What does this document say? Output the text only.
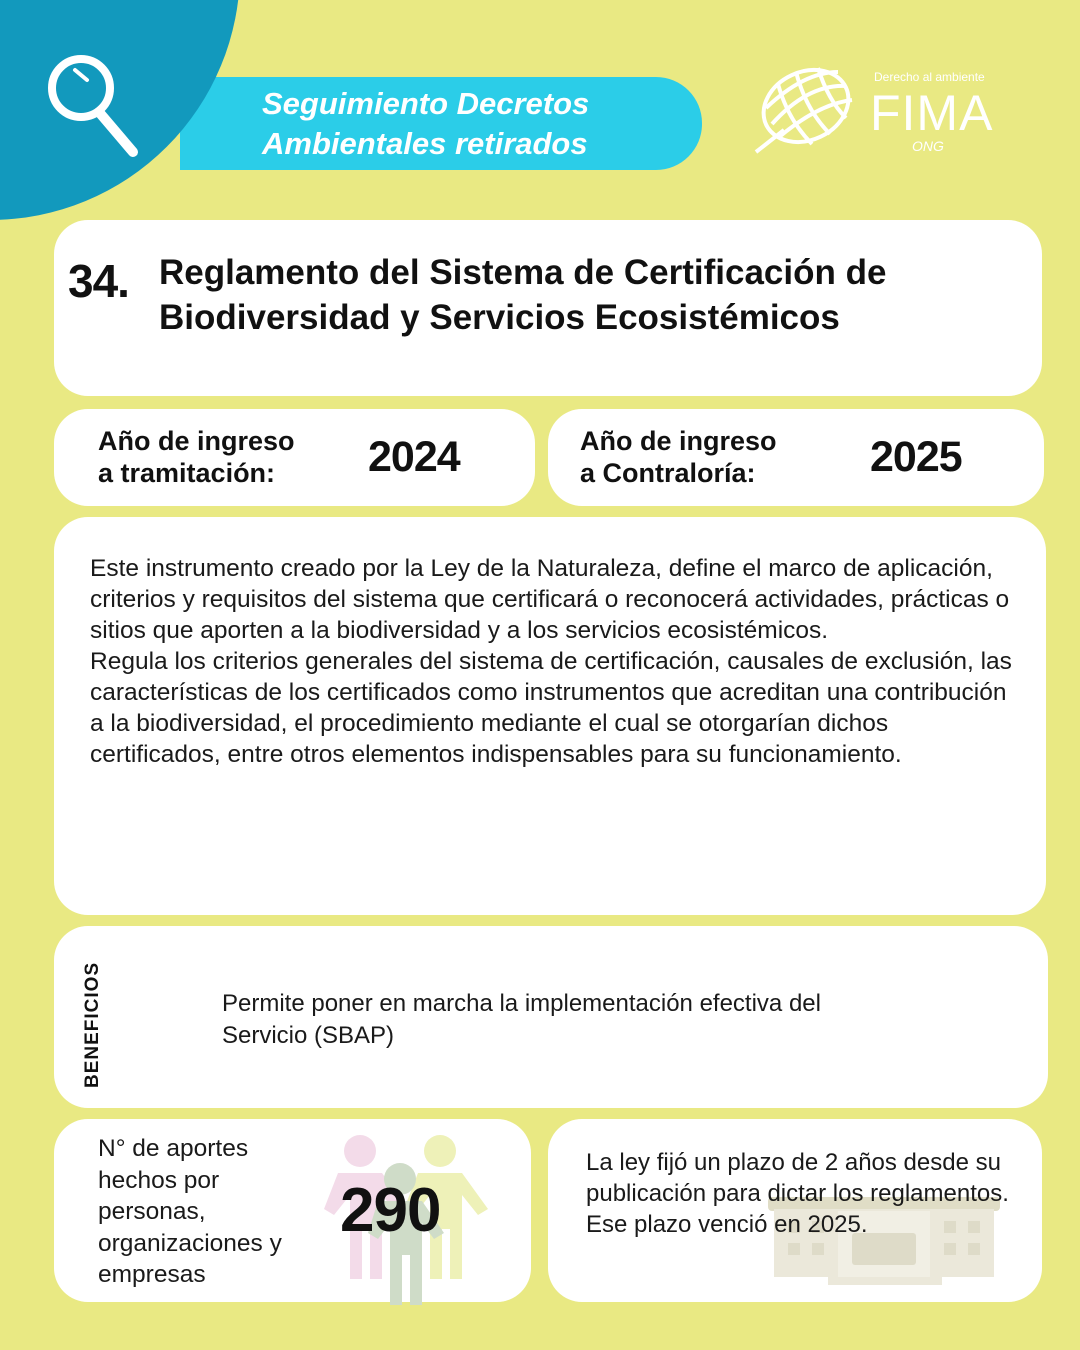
Seguimiento Decretos
Ambientales retirados
Derecho al ambiente
FIMA
ONG
34. Reglamento del Sistema de Certificación de Biodiversidad y Servicios Ecosistémicos
Año de ingreso
a tramitación:	2024	Año de ingreso
a Contraloría:	2025

Este instrumento creado por la Ley de la Naturaleza, define el marco de aplicación, criterios y requisitos del sistema que certificará o reconocerá actividades, prácticas o sitios que aporten a la biodiversidad y a los servicios ecosistémicos.

Regula los criterios generales del sistema de certificación, causales de exclusión, las características de los certificados como instrumentos que acreditan una contribución a la biodiversidad, el procedimiento mediante el cual se otorgarían dichos certificados, entre otros elementos indispensables para su funcionamiento.

BENEFICIOS	Permite poner en marcha la implementación efectiva del Servicio (SBAP)
N° de aportes hechos por personas, organizaciones y empresas
290
La ley fijó un plazo de 2 años desde su publicación para dictar los reglamentos. Ese plazo venció en 2025.
